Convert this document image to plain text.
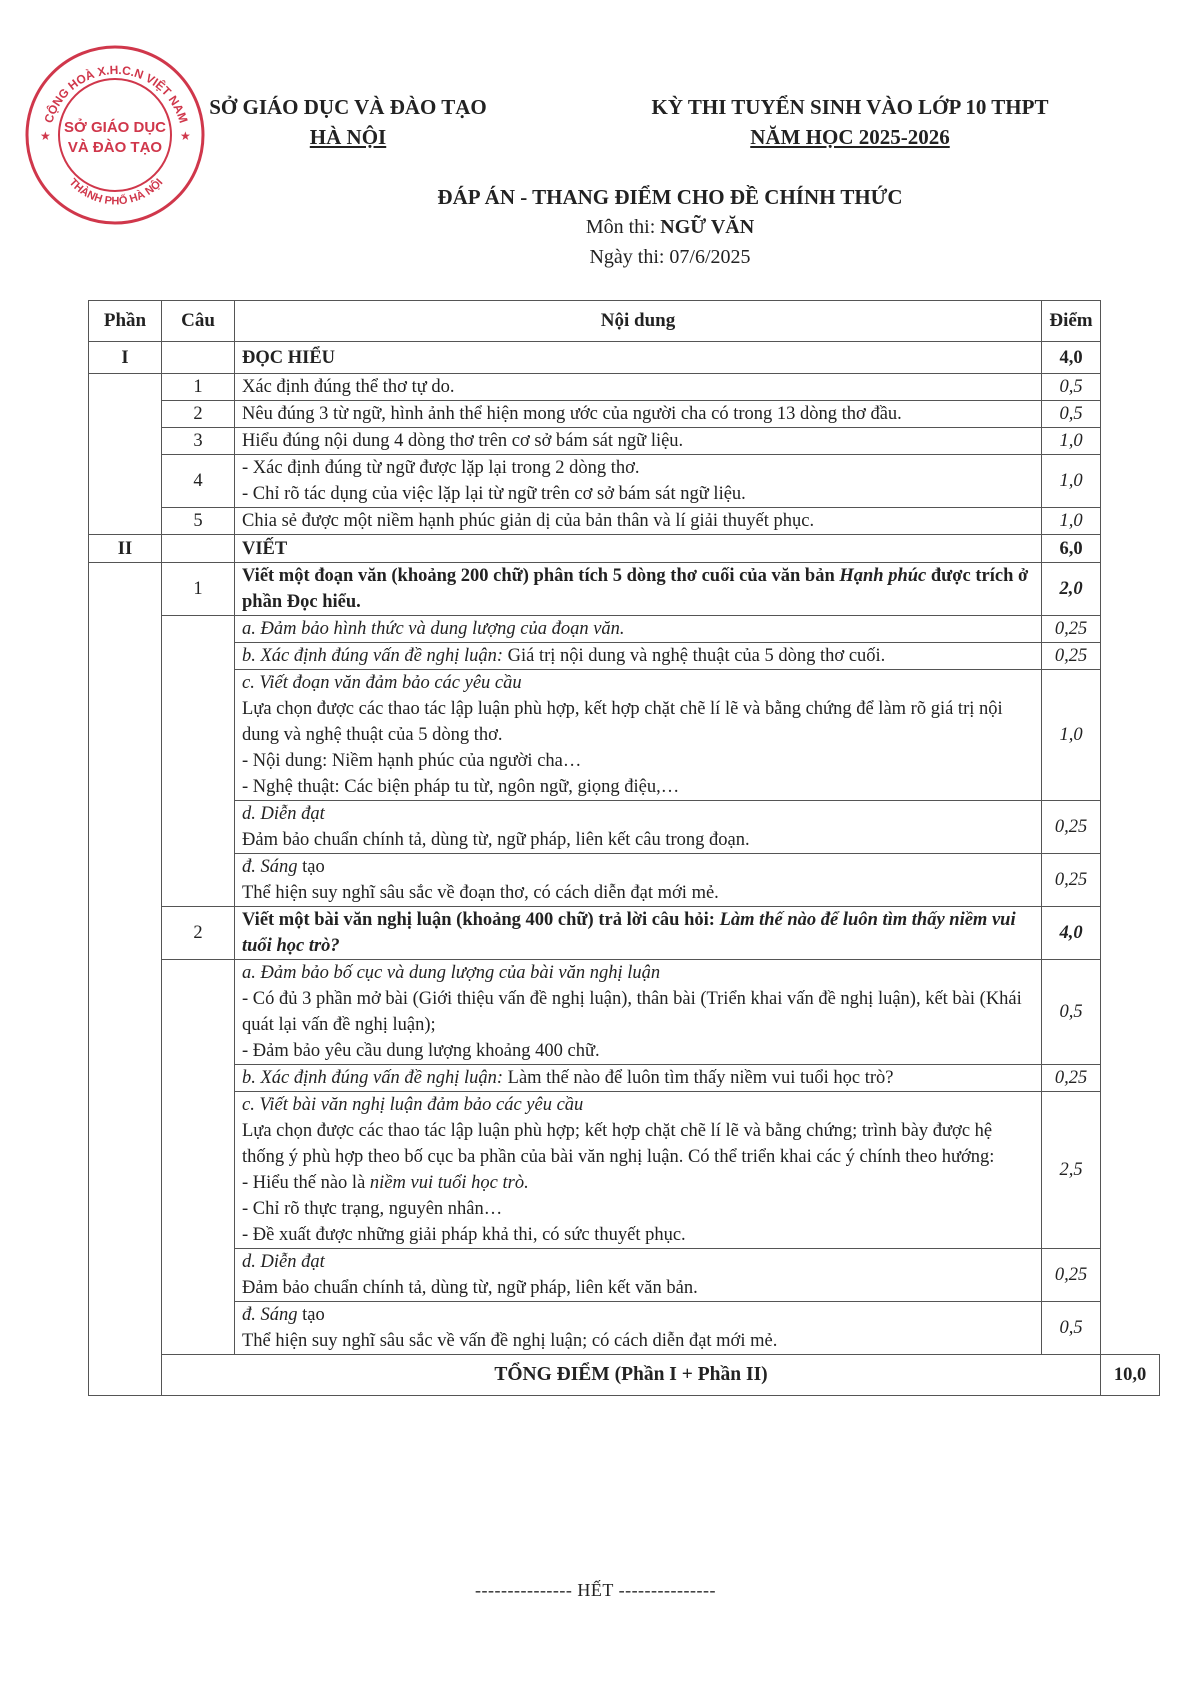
CỘNG HOÀ X.H.C.N VIỆT NAM
THÀNH PHỐ HÀ NỘI
SỞ GIÁO DỤC
VÀ ĐÀO TẠO
★	★
SỞ GIÁO DỤC VÀ ĐÀO TẠO
HÀ NỘI
KỲ THI TUYỂN SINH VÀO LỚP 10 THPT
NĂM HỌC 2025-2026
ĐÁP ÁN - THANG ĐIỂM CHO ĐỀ CHÍNH THỨC
Môn thi: NGỮ VĂN
Ngày thi: 07/6/2025
Phần	Câu	Nội dung	Điểm	
I		ĐỌC HIỂU	4,0	
	1	Xác định đúng thể thơ tự do.	0,5	
	2	Nêu đúng 3 từ ngữ, hình ảnh thể hiện mong ước của người cha có trong 13 dòng thơ đầu.	0,5	
	3	Hiểu đúng nội dung 4 dòng thơ trên cơ sở bám sát ngữ liệu.	1,0	
	4	- Xác định đúng từ ngữ được lặp lại trong 2 dòng thơ.
- Chỉ rõ tác dụng của việc lặp lại từ ngữ trên cơ sở bám sát ngữ liệu.	1,0	
	5	Chia sẻ được một niềm hạnh phúc giản dị của bản thân và lí giải thuyết phục.	1,0	
II		VIẾT	6,0	
	1	Viết một đoạn văn (khoảng 200 chữ) phân tích 5 dòng thơ cuối của văn bản Hạnh phúc được trích ở phần Đọc hiểu.	2,0	
		a. Đảm bảo hình thức và dung lượng của đoạn văn.	0,25	
		b. Xác định đúng vấn đề nghị luận: Giá trị nội dung và nghệ thuật của 5 dòng thơ cuối.	0,25	

		c. Viết đoạn văn đảm bảo các yêu cầu
Lựa chọn được các thao tác lập luận phù hợp, kết hợp chặt chẽ lí lẽ và bằng chứng để làm rõ giá trị nội dung và nghệ thuật của 5 dòng thơ.
- Nội dung: Niềm hạnh phúc của người cha…
- Nghệ thuật: Các biện pháp tu từ, ngôn ngữ, giọng điệu,…	1,0	

		d. Diễn đạt
Đảm bảo chuẩn chính tả, dùng từ, ngữ pháp, liên kết câu trong đoạn.	0,25	

		đ. Sáng tạo
Thể hiện suy nghĩ sâu sắc về đoạn thơ, có cách diễn đạt mới mẻ.	0,25	
	2	Viết một bài văn nghị luận (khoảng 400 chữ) trả lời câu hỏi: Làm thế nào để luôn tìm thấy niềm vui tuổi học trò?	4,0	

		a. Đảm bảo bố cục và dung lượng của bài văn nghị luận
- Có đủ 3 phần mở bài (Giới thiệu vấn đề nghị luận), thân bài (Triển khai vấn đề nghị luận), kết bài (Khái quát lại vấn đề nghị luận);
- Đảm bảo yêu cầu dung lượng khoảng 400 chữ.	0,5	
		b. Xác định đúng vấn đề nghị luận: Làm thế nào để luôn tìm thấy niềm vui tuổi học trò?	0,25	

		c. Viết bài văn nghị luận đảm bảo các yêu cầu
Lựa chọn được các thao tác lập luận phù hợp; kết hợp chặt chẽ lí lẽ và bằng chứng; trình bày được hệ thống ý phù hợp theo bố cục ba phần của bài văn nghị luận. Có thể triển khai các ý chính theo hướng:
- Hiểu thế nào là niềm vui tuổi học trò.
- Chỉ rõ thực trạng, nguyên nhân…
- Đề xuất được những giải pháp khả thi, có sức thuyết phục.	2,5	

		d. Diễn đạt
Đảm bảo chuẩn chính tả, dùng từ, ngữ pháp, liên kết văn bản.	0,25	

		đ. Sáng tạo
Thể hiện suy nghĩ sâu sắc về vấn đề nghị luận; có cách diễn đạt mới mẻ.	0,5	
	TỔNG ĐIỂM (Phần I + Phần II)			10,0
--------------- HẾT ---------------
